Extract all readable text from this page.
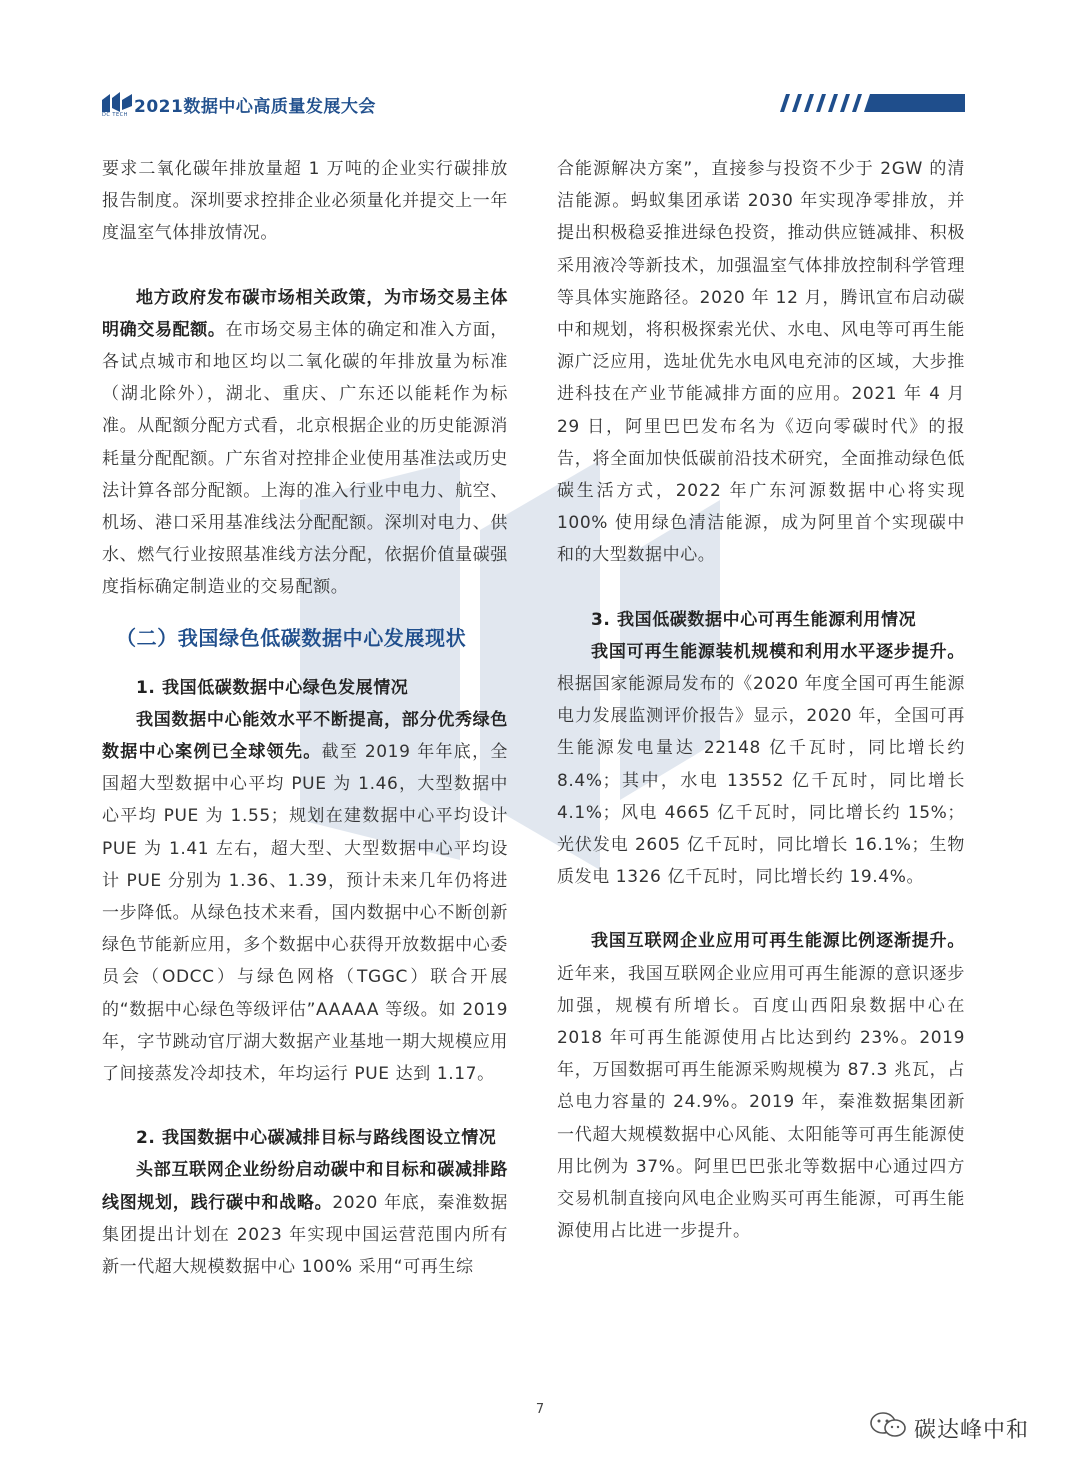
DC TECH 2021数据中心高质量发展大会

要求二氧化碳年排放量超 1 万吨的企业实行碳排放报告制度。深圳要求控排企业必须量化并提交上一年度温室气体排放情况。

地方政府发布碳市场相关政策，为市场交易主体明确交易配额。在市场交易主体的确定和准入方面，各试点城市和地区均以二氧化碳的年排放量为标准（湖北除外），湖北、重庆、广东还以能耗作为标准。从配额分配方式看，北京根据企业的历史能源消耗量分配配额。广东省对控排企业使用基准法或历史法计算各部分配额。上海的准入行业中电力、航空、机场、港口采用基准线法分配配额。深圳对电力、供水、燃气行业按照基准线方法分配，依据价值量碳强度指标确定制造业的交易配额。

（二）我国绿色低碳数据中心发展现状

1. 我国低碳数据中心绿色发展情况

我国数据中心能效水平不断提高，部分优秀绿色数据中心案例已全球领先。截至 2019 年年底，全国超大型数据中心平均 PUE 为 1.46，大型数据中心平均 PUE 为 1.55；规划在建数据中心平均设计 PUE 为 1.41 左右，超大型、大型数据中心平均设计 PUE 分别为 1.36、1.39，预计未来几年仍将进一步降低。从绿色技术来看，国内数据中心不断创新绿色节能新应用，多个数据中心获得开放数据中心委员会（ODCC）与绿色网格（TGGC）联合开展的“数据中心绿色等级评估”AAAAA 等级。如 2019 年，字节跳动官厅湖大数据产业基地一期大规模应用了间接蒸发冷却技术，年均运行 PUE 达到 1.17。

2. 我国数据中心碳减排目标与路线图设立情况

头部互联网企业纷纷启动碳中和目标和碳减排路线图规划，践行碳中和战略。2020 年底，秦淮数据集团提出计划在 2023 年实现中国运营范围内所有新一代超大规模数据中心 100% 采用“可再生综

合能源解决方案”，直接参与投资不少于 2GW 的清洁能源。蚂蚁集团承诺 2030 年实现净零排放，并提出积极稳妥推进绿色投资，推动供应链减排、积极采用液冷等新技术，加强温室气体排放控制科学管理等具体实施路径。2020 年 12 月，腾讯宣布启动碳中和规划，将积极探索光伏、水电、风电等可再生能源广泛应用，选址优先水电风电充沛的区域，大步推进科技在产业节能减排方面的应用。2021 年 4 月 29 日，阿里巴巴发布名为《迈向零碳时代》的报告，将全面加快低碳前沿技术研究，全面推动绿色低碳生活方式，2022 年广东河源数据中心将实现 100% 使用绿色清洁能源，成为阿里首个实现碳中和的大型数据中心。

3. 我国低碳数据中心可再生能源利用情况

我国可再生能源装机规模和利用水平逐步提升。根据国家能源局发布的《2020 年度全国可再生能源电力发展监测评价报告》显示，2020 年，全国可再生能源发电量达 22148 亿千瓦时，同比增长约 8.4%；其中，水电 13552 亿千瓦时，同比增长 4.1%；风电 4665 亿千瓦时，同比增长约 15%；光伏发电 2605 亿千瓦时，同比增长 16.1%；生物质发电 1326 亿千瓦时，同比增长约 19.4%。

我国互联网企业应用可再生能源比例逐渐提升。近年来，我国互联网企业应用可再生能源的意识逐步加强，规模有所增长。百度山西阳泉数据中心在 2018 年可再生能源使用占比达到约 23%。2019 年，万国数据可再生能源采购规模为 87.3 兆瓦，占总电力容量的 24.9%。2019 年，秦淮数据集团新一代超大规模数据中心风能、太阳能等可再生能源使用比例为 37%。阿里巴巴张北等数据中心通过四方交易机制直接向风电企业购买可再生能源，可再生能源使用占比进一步提升。

7
碳达峰中和
